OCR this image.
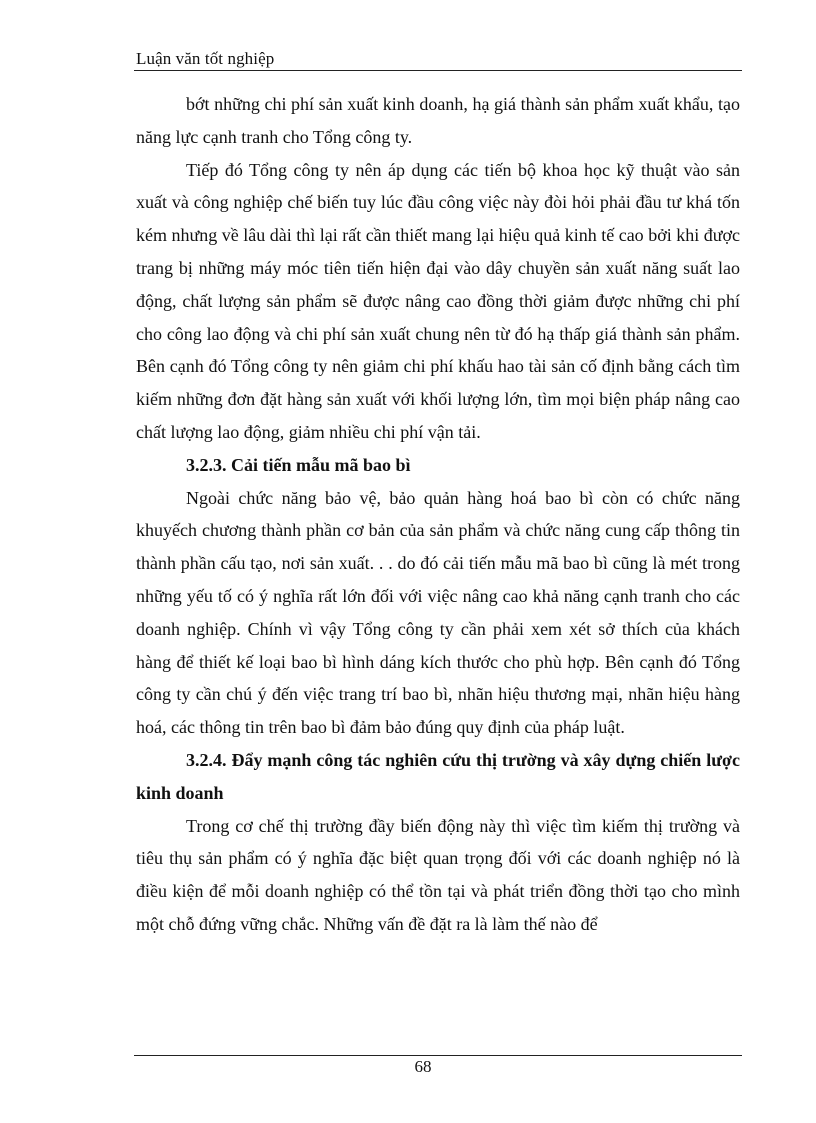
Luận văn tốt nghiệp

bớt những chi phí sản xuất kinh doanh, hạ giá thành sản phẩm xuất khẩu, tạo năng lực cạnh tranh cho Tổng công ty.

Tiếp đó Tổng công ty nên áp dụng các tiến bộ khoa học kỹ thuật vào sản xuất và công nghiệp chế biến tuy lúc đầu công việc này đòi hỏi phải đầu tư khá tốn kém nhưng về lâu dài thì lại rất cần thiết mang lại hiệu quả kinh tế cao bởi khi được trang bị những máy móc tiên tiến hiện đại vào dây chuyền sản xuất năng suất lao động, chất lượng sản phẩm sẽ được nâng cao đồng thời giảm được những chi phí cho công lao động và chi phí sản xuất chung nên từ đó hạ thấp giá thành sản phẩm. Bên cạnh đó Tổng công ty nên giảm chi phí khấu hao tài sản cố định bằng cách tìm kiếm những đơn đặt hàng sản xuất với khối lượng lớn, tìm mọi biện pháp nâng cao chất lượng lao động, giảm nhiều chi phí vận tải.

3.2.3. Cải tiến mẫu mã bao bì

Ngoài chức năng bảo vệ, bảo quản hàng hoá bao bì còn có chức năng khuyếch chương thành phần cơ bản của sản phẩm và chức năng cung cấp thông tin thành phần cấu tạo, nơi sản xuất. . . do đó cải tiến mẫu mã bao bì cũng là mét trong những yếu tố có ý nghĩa rất lớn đối với việc nâng cao khả năng cạnh tranh cho các doanh nghiệp. Chính vì vậy Tổng công ty cần phải xem xét sở thích của khách hàng để thiết kế loại bao bì hình dáng kích thước cho phù hợp. Bên cạnh đó Tổng công ty cần chú ý đến việc trang trí bao bì, nhãn hiệu thương mại, nhãn hiệu hàng hoá, các thông tin trên bao bì đảm bảo đúng quy định của pháp luật.

3.2.4. Đẩy mạnh công tác nghiên cứu thị trường và xây dựng chiến lược kinh doanh

Trong cơ chế thị trường đầy biến động này thì việc tìm kiếm thị trường và tiêu thụ sản phẩm có ý nghĩa đặc biệt quan trọng đối với các doanh nghiệp nó là điều kiện để mỗi doanh nghiệp có thể tồn tại và phát triển đồng thời tạo cho mình một chỗ đứng vững chắc. Những vấn đề đặt ra là làm thế nào để

68
